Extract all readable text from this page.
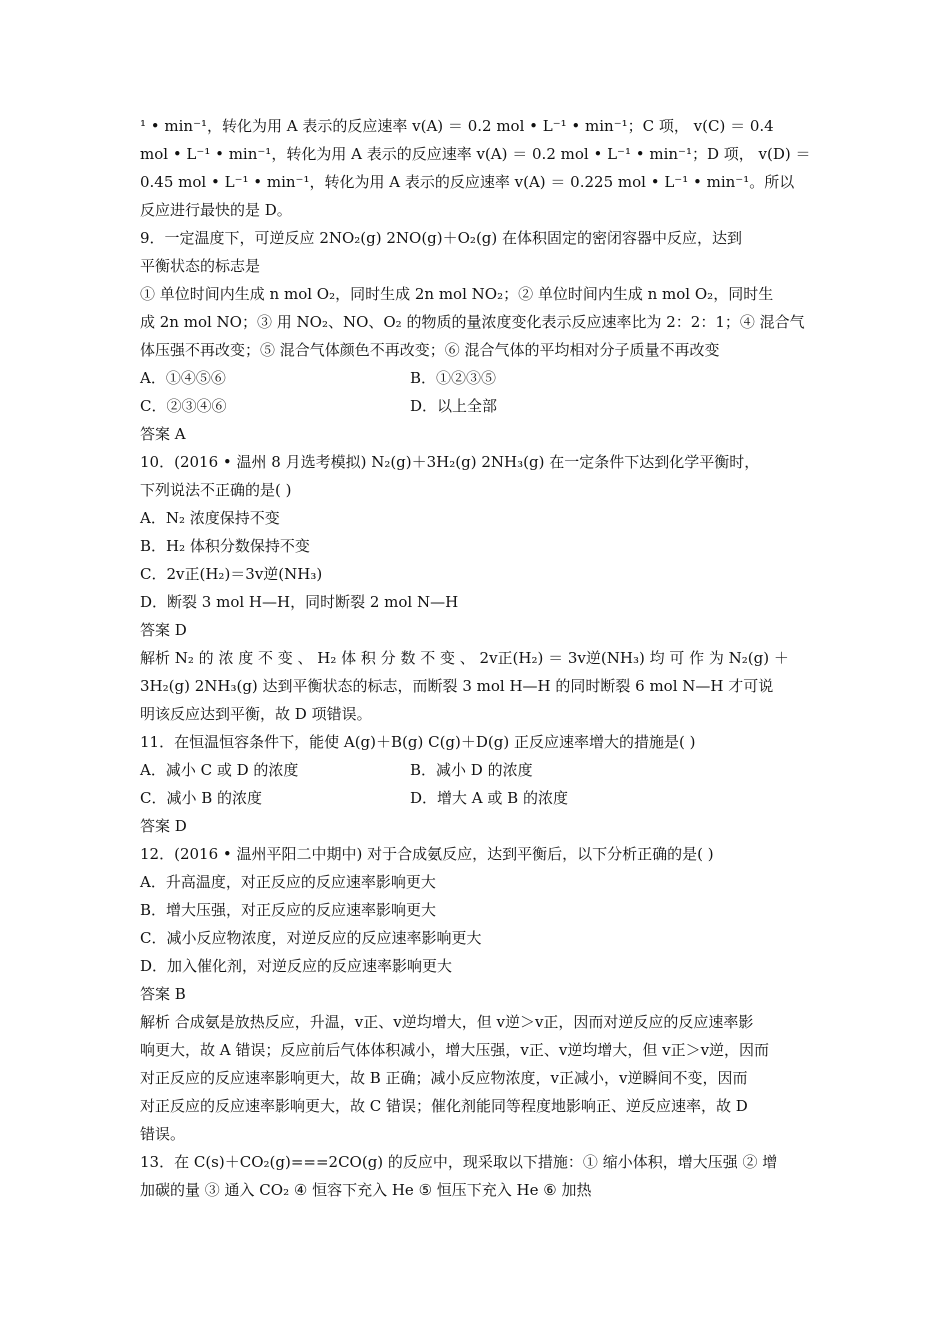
¹ • min⁻¹，转化为用 A 表示的反应速率 v(A) ＝ 0.2 mol • L⁻¹ • min⁻¹；C 项， v(C) ＝ 0.4
mol • L⁻¹ • min⁻¹，转化为用 A 表示的反应速率 v(A) ＝ 0.2 mol • L⁻¹ • min⁻¹；D 项， v(D) ＝
0.45 mol • L⁻¹ • min⁻¹，转化为用 A 表示的反应速率 v(A) ＝ 0.225 mol • L⁻¹ • min⁻¹。所以
反应进行最快的是 D。
9．一定温度下，可逆反应 2NO₂(g) 2NO(g)＋O₂(g) 在体积固定的密闭容器中反应，达到
平衡状态的标志是
① 单位时间内生成 n mol O₂，同时生成 2n mol NO₂；② 单位时间内生成 n mol O₂，同时生
成 2n mol NO；③ 用 NO₂、NO、O₂ 的物质的量浓度变化表示反应速率比为 2：2：1；④ 混合气
体压强不再改变；⑤ 混合气体颜色不再改变；⑥ 混合气体的平均相对分子质量不再改变
A．①④⑤⑥	B．①②③⑤
C．②③④⑥	D．以上全部
答案 A
10．(2016 • 温州 8 月选考模拟) N₂(g)＋3H₂(g) 2NH₃(g) 在一定条件下达到化学平衡时，
下列说法不正确的是( )
A．N₂ 浓度保持不变
B．H₂ 体积分数保持不变
C．2v正(H₂)＝3v逆(NH₃)
D．断裂 3 mol H—H，同时断裂 2 mol N—H
答案 D
解析 N₂ 的 浓 度 不 变 、 H₂ 体 积 分 数 不 变 、 2v正(H₂) ＝ 3v逆(NH₃) 均 可 作 为 N₂(g) ＋
3H₂(g) 2NH₃(g) 达到平衡状态的标志，而断裂 3 mol H—H 的同时断裂 6 mol N—H 才可说
明该反应达到平衡，故 D 项错误。
11．在恒温恒容条件下，能使 A(g)＋B(g) C(g)＋D(g) 正反应速率增大的措施是( )
A．减小 C 或 D 的浓度	B．减小 D 的浓度
C．减小 B 的浓度	D．增大 A 或 B 的浓度
答案 D
12．(2016 • 温州平阳二中期中) 对于合成氨反应，达到平衡后，以下分析正确的是( )
A．升高温度，对正反应的反应速率影响更大
B．增大压强，对正反应的反应速率影响更大
C．减小反应物浓度，对逆反应的反应速率影响更大
D．加入催化剂，对逆反应的反应速率影响更大
答案 B
解析 合成氨是放热反应，升温，v正、v逆均增大，但 v逆＞v正，因而对逆反应的反应速率影
响更大，故 A 错误；反应前后气体体积减小，增大压强，v正、v逆均增大，但 v正＞v逆，因而
对正反应的反应速率影响更大，故 B 正确；减小反应物浓度，v正减小，v逆瞬间不变，因而
对正反应的反应速率影响更大，故 C 错误；催化剂能同等程度地影响正、逆反应速率，故 D
错误。
13．在 C(s)＋CO₂(g)===2CO(g) 的反应中，现采取以下措施：① 缩小体积，增大压强 ② 增
加碳的量 ③ 通入 CO₂ ④ 恒容下充入 He ⑤ 恒压下充入 He ⑥ 加热
